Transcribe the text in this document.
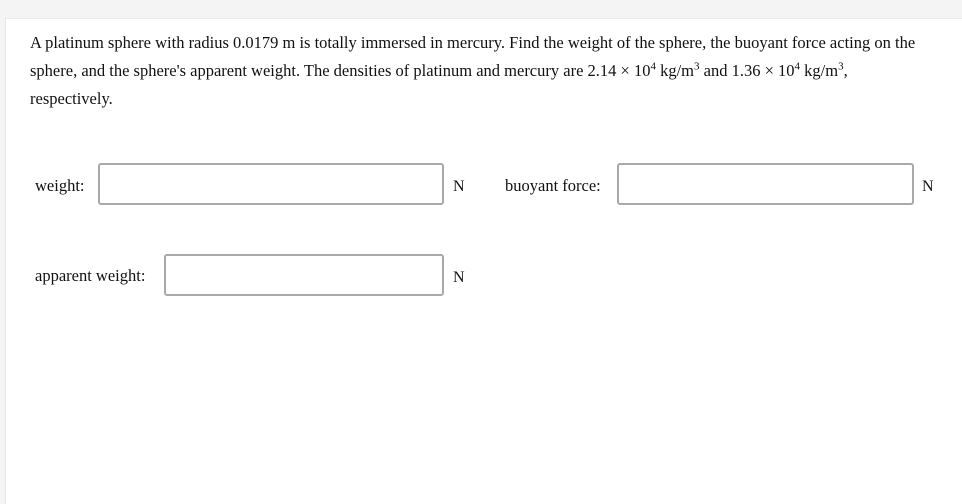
A platinum sphere with radius 0.0179 m is totally immersed in mercury. Find the weight of the sphere, the buoyant force acting on the sphere, and the sphere's apparent weight. The densities of platinum and mercury are $2.14 \times 10^4$ $kg/m^3$ and $1.36 \times 10^4$ $kg/m^3$, respectively.
weight:	N buoyant force:	N
apparent weight:	N
